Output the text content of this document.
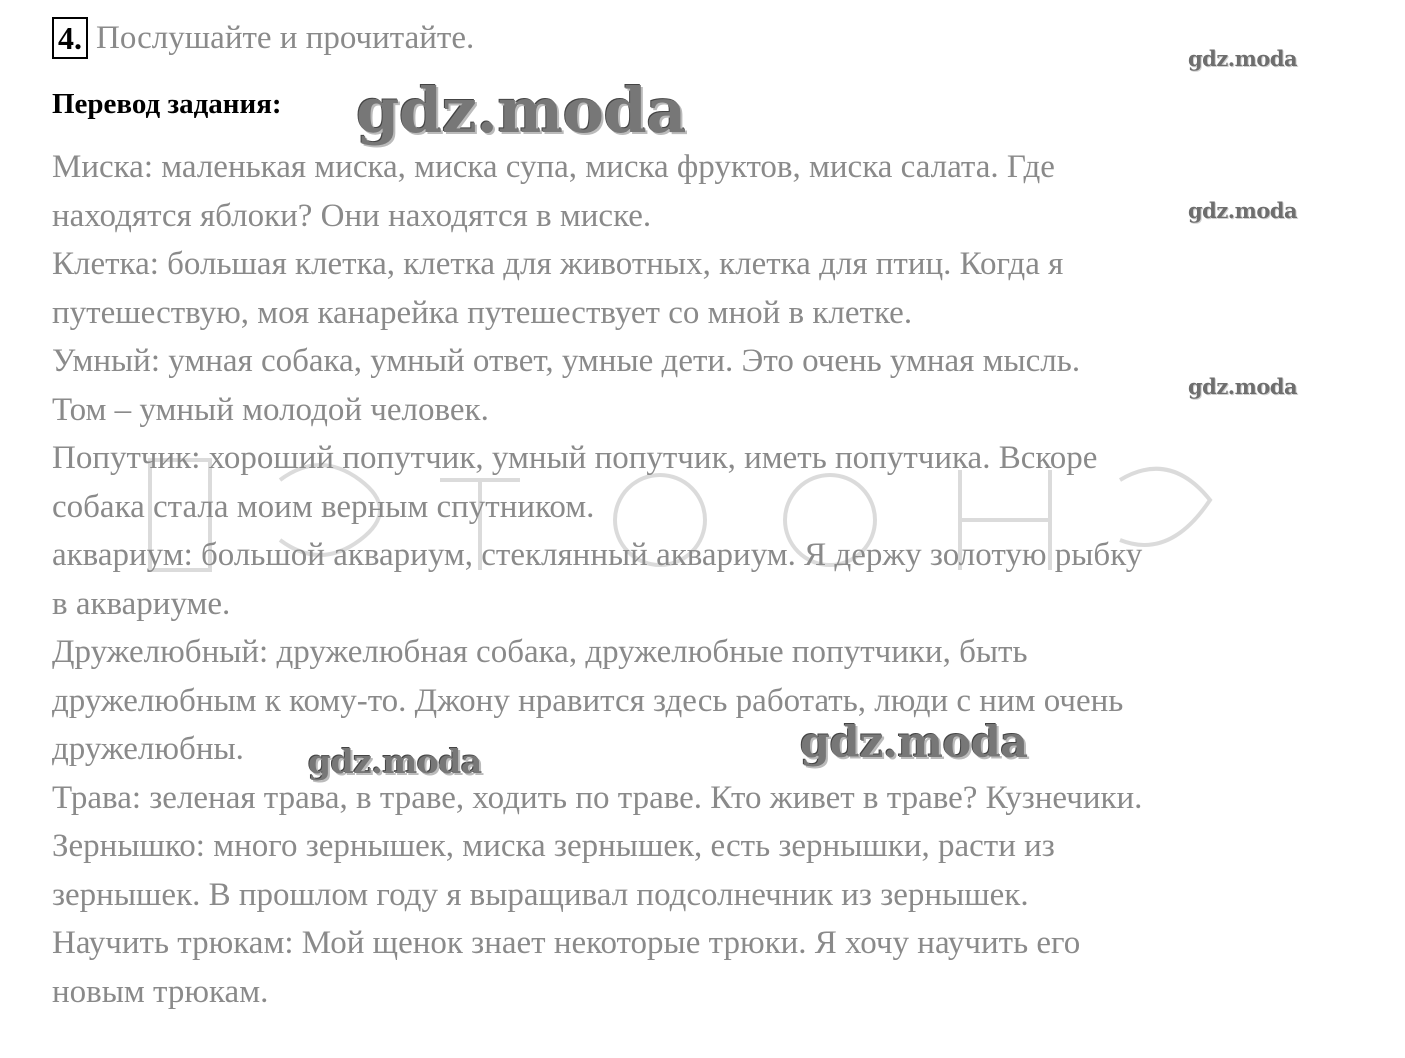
4. Послушайте и прочитайте.
Перевод задания:
Миска: маленькая миска, миска супа, миска фруктов, миска салата. Где
находятся яблоки? Они находятся в миске.
Клетка: большая клетка, клетка для животных, клетка для птиц. Когда я
путешествую, моя канарейка путешествует со мной в клетке.
Умный: умная собака, умный ответ, умные дети. Это очень умная мысль.
Том – умный молодой человек.
Попутчик: хороший попутчик, умный попутчик, иметь попутчика. Вскоре
собака стала моим верным спутником.
аквариум: большой аквариум, стеклянный аквариум. Я держу золотую рыбку
в аквариуме.
Дружелюбный: дружелюбная собака, дружелюбные попутчики, быть
дружелюбным к кому-то. Джону нравится здесь работать, люди с ним очень
дружелюбны.
Трава: зеленая трава, в траве, ходить по траве. Кто живет в траве? Кузнечики.
Зернышко: много зернышек, миска зернышек, есть зернышки, расти из
зернышек. В прошлом году я выращивал подсолнечник из зернышек.
Научить трюкам: Мой щенок знает некоторые трюки. Я хочу научить его
новым трюкам.
gdz.moda
gdz.moda
gdz.moda
gdz.moda
gdz.moda
gdz.moda
